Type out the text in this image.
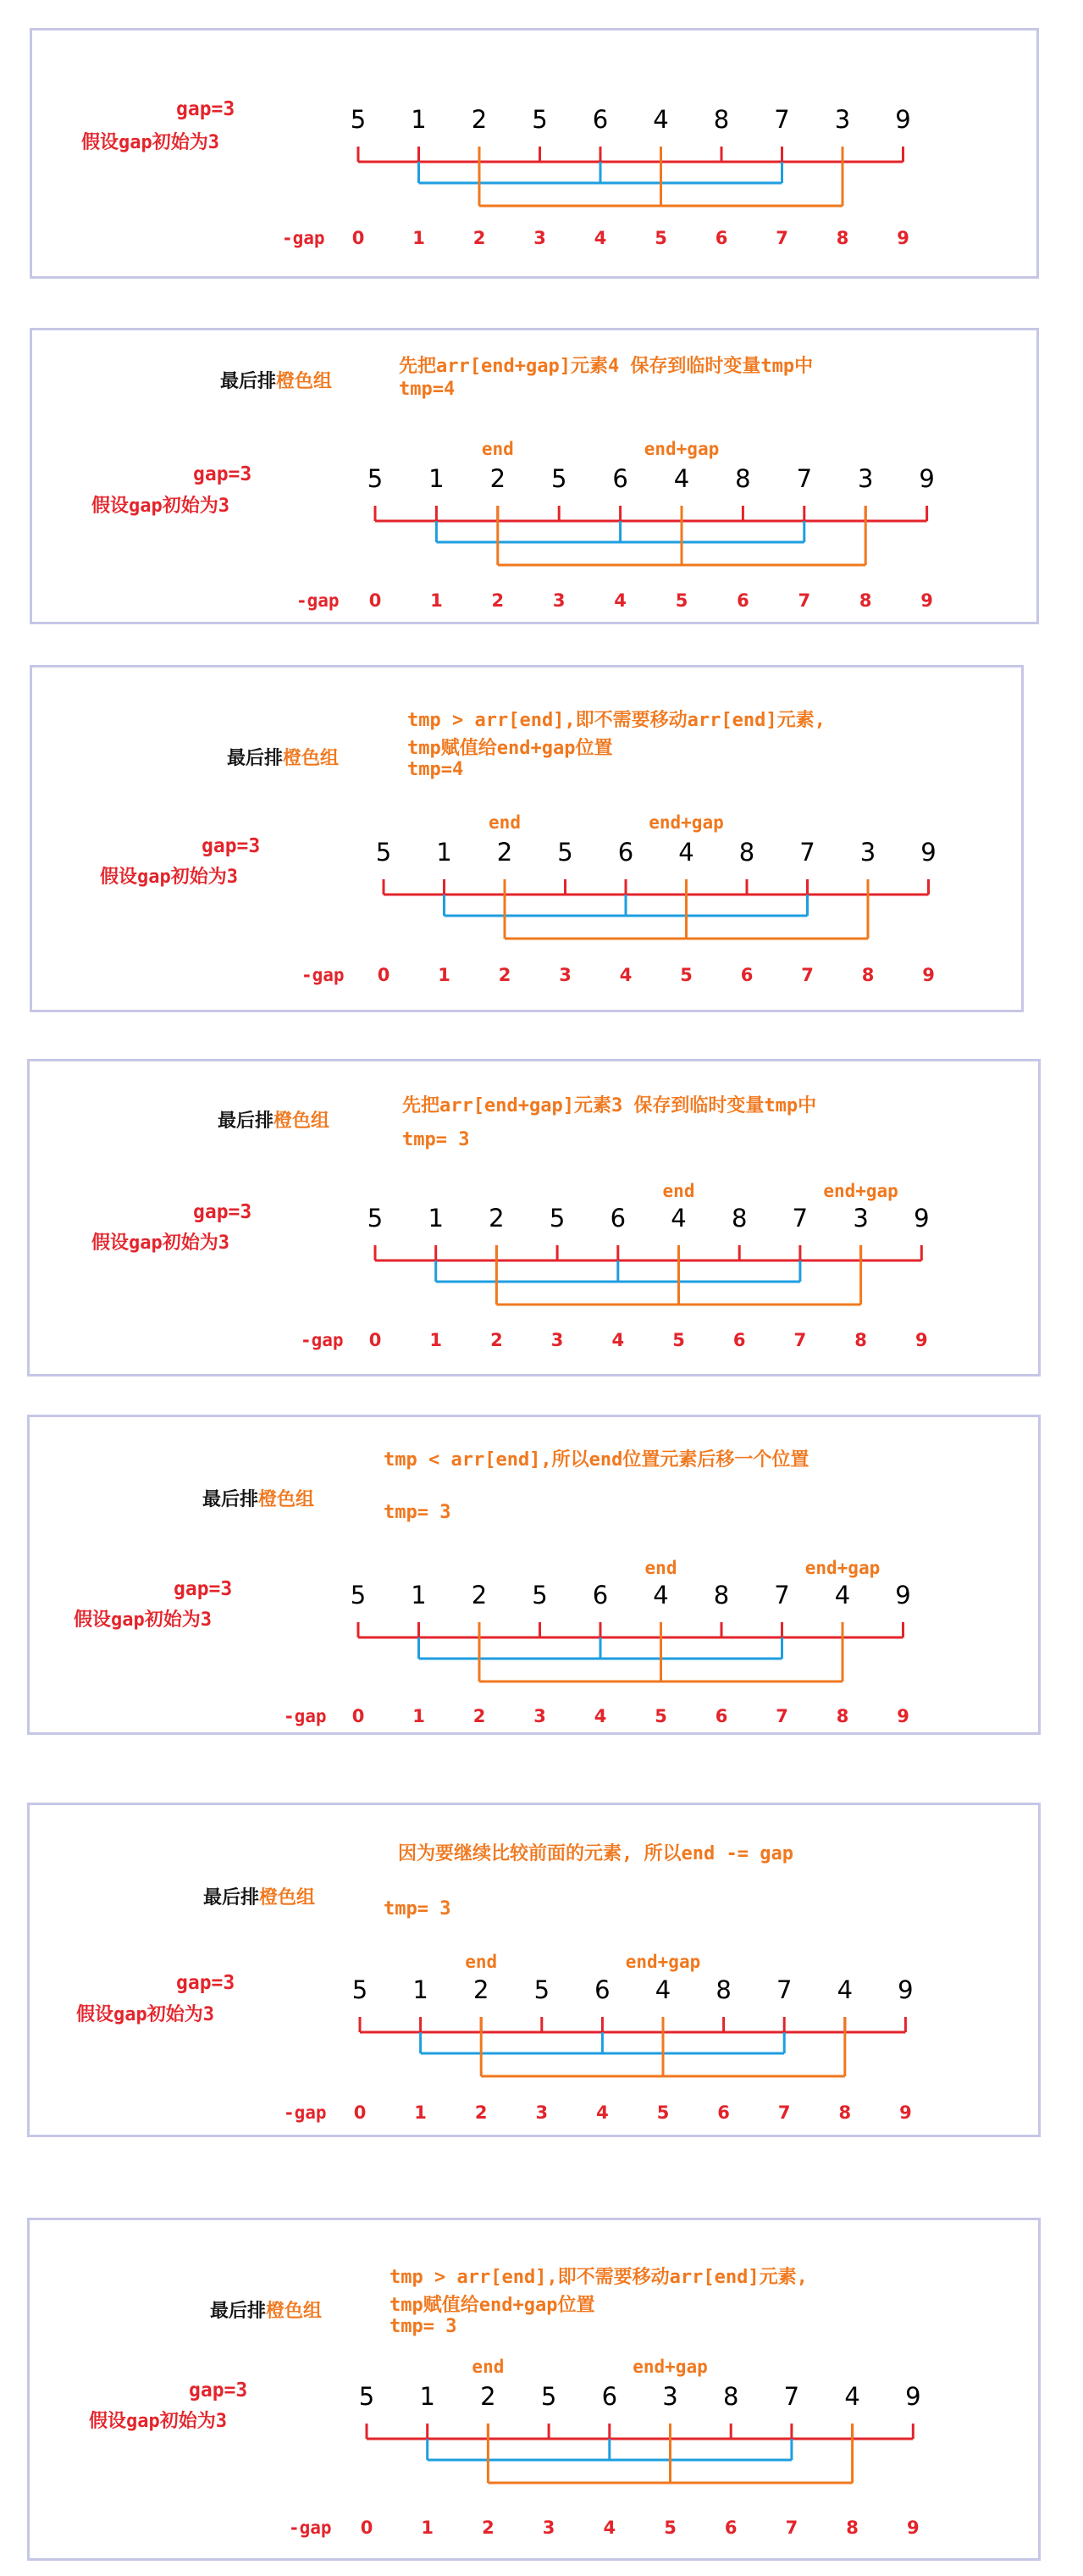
gap=3
假设gap初始为3
5 1 2 5 6 4 8 7 3 9
-gap 0	1	2	3	4	5	6	7	8	9
最后排橙色组
先把arr[end+gap]元素4 保存到临时变量tmp中
tmp=4
gap=3
假设gap初始为3
5 1 2 5 6 4 8 7 3 9
-gap 0	1	2	3	4	5	6	7	8	9
end	end+gap
最后排橙色组
tmp > arr[end],即不需要移动arr[end]元素,
tmp赋值给end+gap位置
tmp=4
gap=3
假设gap初始为3
5 1 2 5 6 4 8 7 3 9
-gap 0	1	2	3	4	5	6	7	8	9
end	end+gap
最后排橙色组
先把arr[end+gap]元素3 保存到临时变量tmp中
tmp= 3
gap=3
假设gap初始为3
5 1 2 5 6 4 8 7 3 9
-gap 0	1	2	3	4	5	6	7	8	9
end	end+gap
最后排橙色组
tmp < arr[end],所以end位置元素后移一个位置
tmp= 3
gap=3
假设gap初始为3
5 1 2 5 6 4 8 7 4 9
-gap 0	1	2	3	4	5	6	7	8	9
end	end+gap
最后排橙色组
因为要继续比较前面的元素, 所以end -= gap
tmp= 3
gap=3
假设gap初始为3
5 1 2 5 6 4 8 7 4 9
-gap 0	1	2	3	4	5	6	7	8	9
end	end+gap
最后排橙色组
tmp > arr[end],即不需要移动arr[end]元素,
tmp赋值给end+gap位置
tmp= 3
gap=3
假设gap初始为3
5 1 2 5 6 3 8 7 4 9
-gap 0	1	2	3	4	5	6	7	8	9
end	end+gap
